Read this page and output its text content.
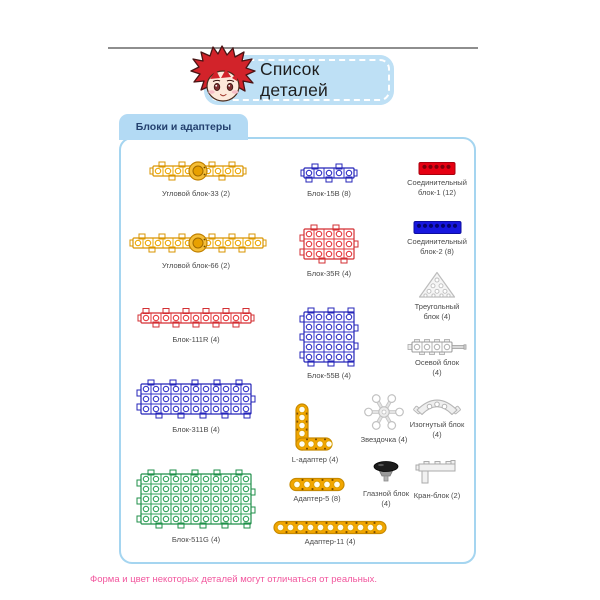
Список деталей
Блоки и адаптеры
Угловой блок-33 (2)
Угловой блок-66 (2)
Блок-111R (4)
Блок-311B (4)
Блок-511G (4)
Блок-15B (8)
Блок-35R (4)
Блок-55B (4)
L-адаптер (4)
Адаптер-5 (8)
Адаптер-11 (4)
Звездочка (4)
Глазной блок (4)
Соединительный блок-1 (12)
Соединительный блок-2 (8)
Треугольный блок (4)
Осевой блок (4)
Изогнутый блок (4)
Кран-блок (2)
Форма и цвет некоторых деталей могут отличаться от реальных.
